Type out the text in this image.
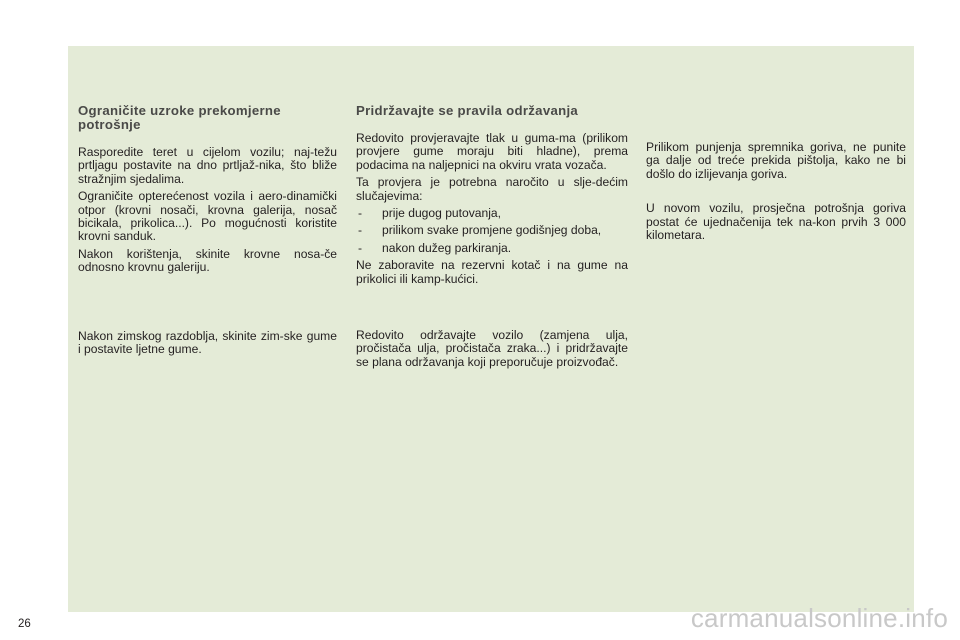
Ograničite uzroke prekomjerne potrošnje

Rasporedite teret u cijelom vozilu; naj-težu prtljagu postavite na dno prtljaž-nika, što bliže stražnjim sjedalima.

Ograničite opterećenost vozila i aero-dinamički otpor (krovni nosači, krovna galerija, nosač bicikala, prikolica...). Po mogućnosti koristite krovni sanduk.

Nakon korištenja, skinite krovne nosa-če odnosno krovnu galeriju.

Nakon zimskog razdoblja, skinite zim-ske gume i postavite ljetne gume.

Pridržavajte se pravila održavanja

Redovito provjeravajte tlak u guma-ma (prilikom provjere gume moraju biti hladne), prema podacima na naljepnici na okviru vrata vozača.

Ta provjera je potrebna naročito u slje-dećim slučajevima:

- prije dugog putovanja,
- prilikom svake promjene godišnjeg doba,
- nakon dužeg parkiranja.

Ne zaboravite na rezervni kotač i na gume na prikolici ili kamp-kućici.

Redovito održavajte vozilo (zamjena ulja, pročistača ulja, pročistača zraka...) i pridržavajte se plana održavanja koji preporučuje proizvođač.

Prilikom punjenja spremnika goriva, ne punite ga dalje od treće prekida pištolja, kako ne bi došlo do izlijevanja goriva.

U novom vozilu, prosječna potrošnja goriva postat će ujednačenija tek na-kon prvih 3 000 kilometara.

26	carmanualsonline.info
